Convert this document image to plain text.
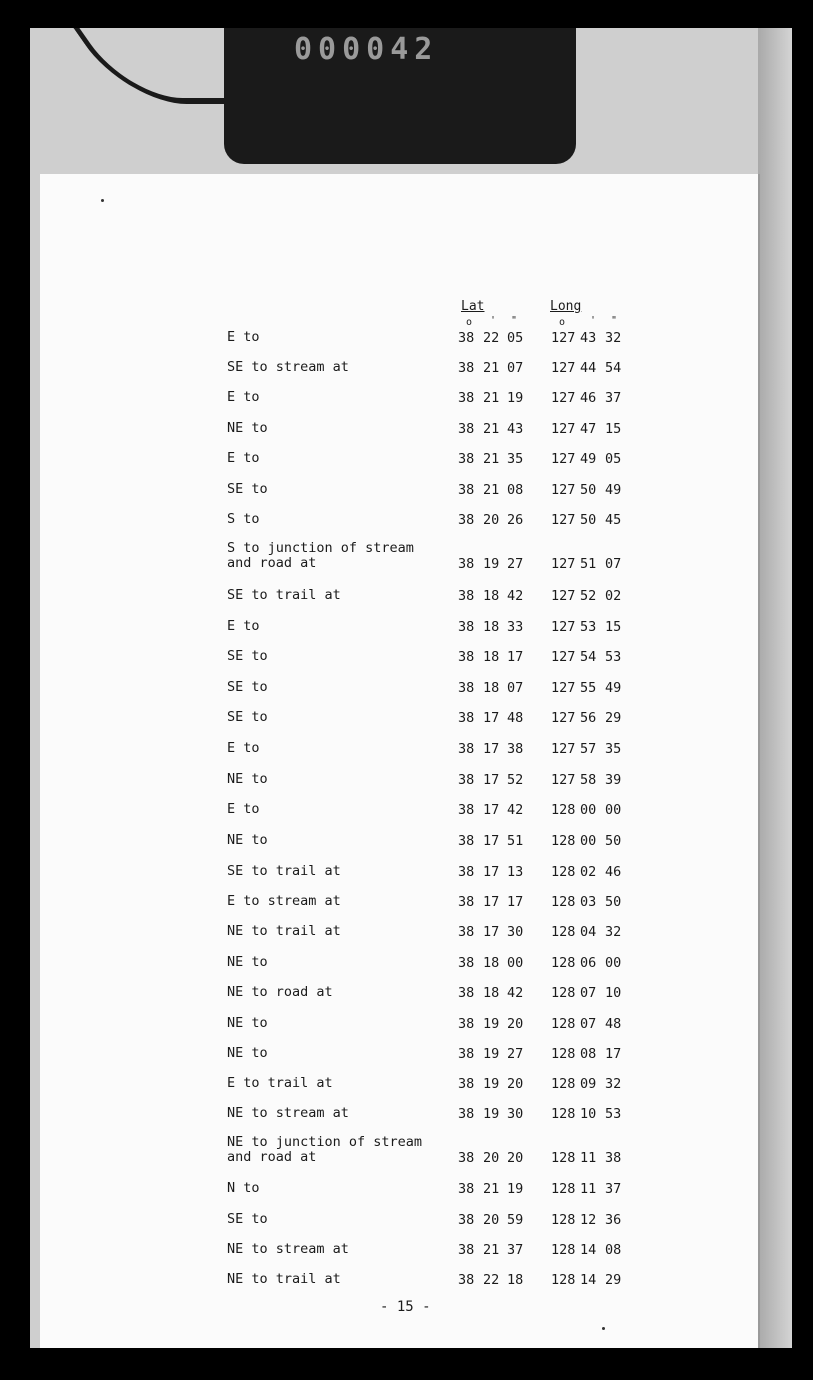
000042
Lat	Long
o ' "	o ' "
E to	38 22 05 127 43 32
SE to stream at	38 21 07 127 44 54
E to	38 21 19 127 46 37
NE to	38 21 43 127 47 15
E to	38 21 35 127 49 05
SE to	38 21 08 127 50 49
S to	38 20 26 127 50 45
S to junction of stream
and road at	38 19 27 127 51 07
SE to trail at	38 18 42 127 52 02
E to	38 18 33 127 53 15
SE to	38 18 17 127 54 53
SE to	38 18 07 127 55 49
SE to	38 17 48 127 56 29
E to	38 17 38 127 57 35
NE to	38 17 52 127 58 39
E to	38 17 42 128 00 00
NE to	38 17 51 128 00 50
SE to trail at	38 17 13 128 02 46
E to stream at	38 17 17 128 03 50
NE to trail at	38 17 30 128 04 32
NE to	38 18 00 128 06 00
NE to road at	38 18 42 128 07 10
NE to	38 19 20 128 07 48
NE to	38 19 27 128 08 17
E to trail at	38 19 20 128 09 32
NE to stream at	38 19 30 128 10 53
NE to junction of stream
and road at	38 20 20 128 11 38
N to	38 21 19 128 11 37
SE to	38 20 59 128 12 36
NE to stream at	38 21 37 128 14 08
NE to trail at	38 22 18 128 14 29
- 15 -
